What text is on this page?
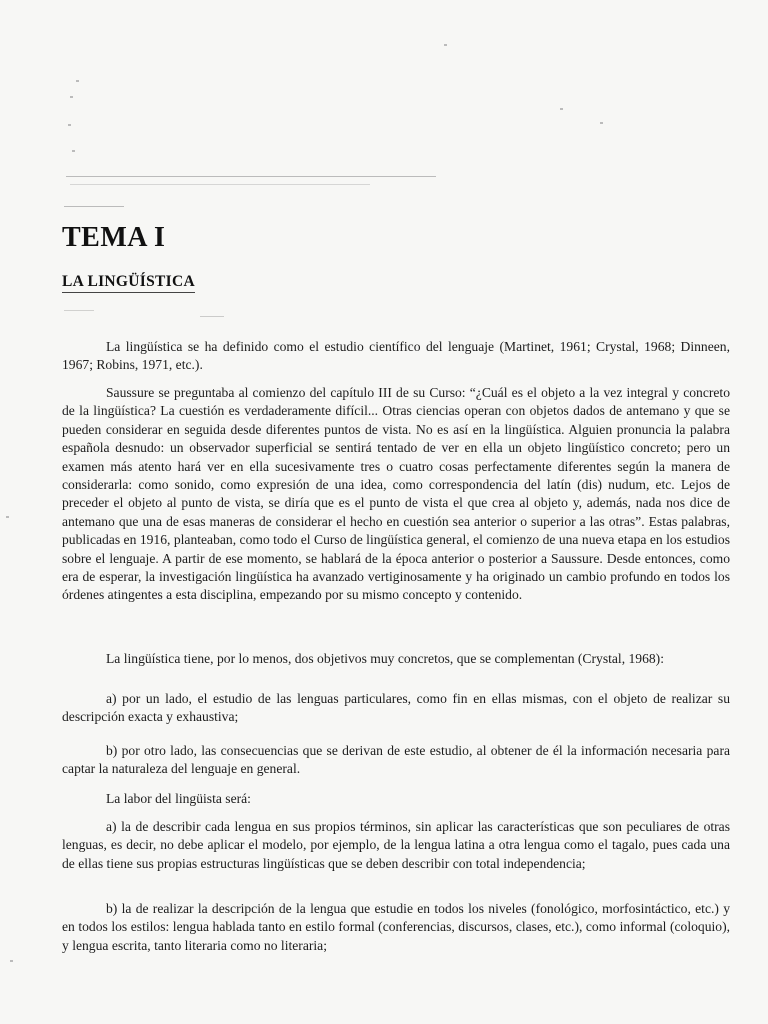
TEMA I
LA LINGÜÍSTICA

La lingüística se ha definido como el estudio científico del lenguaje (Martinet, 1961; Crystal, 1968; Dinneen, 1967; Robins, 1971, etc.).

Saussure se preguntaba al comienzo del capítulo III de su Curso: “¿Cuál es el objeto a la vez integral y concreto de la lingüística? La cuestión es verdaderamente difícil... Otras ciencias operan con objetos dados de antemano y que se pueden considerar en seguida desde diferentes puntos de vista. No es así en la lingüística. Alguien pronuncia la palabra española desnudo: un observador superficial se sentirá tentado de ver en ella un objeto lingüístico concreto; pero un examen más atento hará ver en ella sucesivamente tres o cuatro cosas perfectamente diferentes según la manera de considerarla: como sonido, como expresión de una idea, como correspondencia del latín (dis) nudum, etc. Lejos de preceder el objeto al punto de vista, se diría que es el punto de vista el que crea al objeto y, además, nada nos dice de antemano que una de esas maneras de considerar el hecho en cuestión sea anterior o superior a las otras”. Estas palabras, publicadas en 1916, planteaban, como todo el Curso de lingüística general, el comienzo de una nueva etapa en los estudios sobre el lenguaje. A partir de ese momento, se hablará de la época anterior o posterior a Saussure. Desde entonces, como era de esperar, la investigación lingüística ha avanzado vertiginosamente y ha originado un cambio profundo en todos los órdenes atingentes a esta disciplina, empezando por su mismo concepto y contenido.

La lingüística tiene, por lo menos, dos objetivos muy concretos, que se complementan (Crystal, 1968):

a) por un lado, el estudio de las lenguas particulares, como fin en ellas mismas, con el objeto de realizar su descripción exacta y exhaustiva;
b) por otro lado, las consecuencias que se derivan de este estudio, al obtener de él la información necesaria para captar la naturaleza del lenguaje en general.

La labor del lingüista será:

a) la de describir cada lengua en sus propios términos, sin aplicar las características que son peculiares de otras lenguas, es decir, no debe aplicar el modelo, por ejemplo, de la lengua latina a otra lengua como el tagalo, pues cada una de ellas tiene sus propias estructuras lingüísticas que se deben describir con total independencia;
b) la de realizar la descripción de la lengua que estudie en todos los niveles (fonológico, morfosintáctico, etc.) y en todos los estilos: lengua hablada tanto en estilo formal (conferencias, discursos, clases, etc.), como informal (coloquio), y lengua escrita, tanto literaria como no literaria;
